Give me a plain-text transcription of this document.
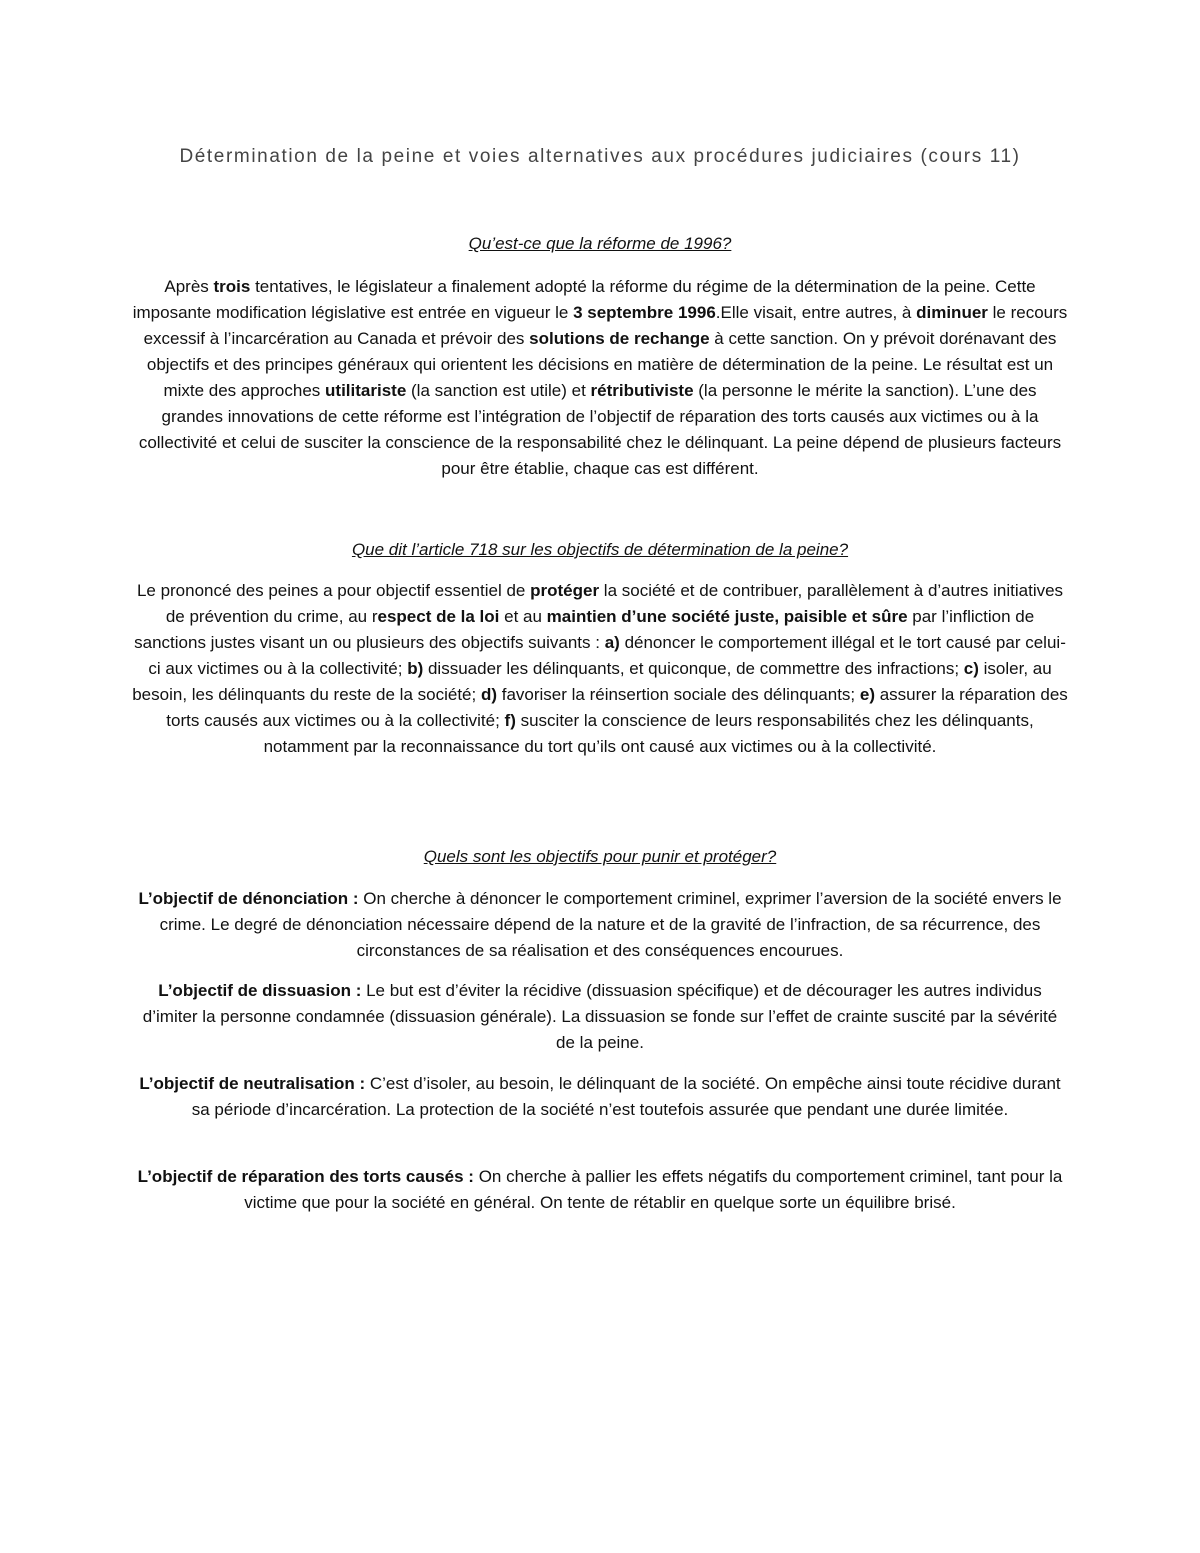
Détermination de la peine et voies alternatives aux procédures judiciaires (cours 11)
Qu’est-ce que la réforme de 1996?
Après trois tentatives, le législateur a finalement adopté la réforme du régime de la détermination de la peine. Cette imposante modification législative est entrée en vigueur le 3 septembre 1996.Elle visait, entre autres, à diminuer le recours excessif à l’incarcération au Canada et prévoir des solutions de rechange à cette sanction. On y prévoit dorénavant des objectifs et des principes généraux qui orientent les décisions en matière de détermination de la peine. Le résultat est un mixte des approches utilitariste (la sanction est utile) et rétributiviste (la personne le mérite la sanction). L’une des grandes innovations de cette réforme est l’intégration de l’objectif de réparation des torts causés aux victimes ou à la collectivité et celui de susciter la conscience de la responsabilité chez le délinquant. La peine dépend de plusieurs facteurs pour être établie, chaque cas est différent.
Que dit l’article 718 sur les objectifs de détermination de la peine?
Le prononcé des peines a pour objectif essentiel de protéger la société et de contribuer, parallèlement à d’autres initiatives de prévention du crime, au respect de la loi et au maintien d’une société juste, paisible et sûre par l’infliction de sanctions justes visant un ou plusieurs des objectifs suivants : a) dénoncer le comportement illégal et le tort causé par celui-ci aux victimes ou à la collectivité; b) dissuader les délinquants, et quiconque, de commettre des infractions; c) isoler, au besoin, les délinquants du reste de la société; d) favoriser la réinsertion sociale des délinquants; e) assurer la réparation des torts causés aux victimes ou à la collectivité; f) susciter la conscience de leurs responsabilités chez les délinquants, notamment par la reconnaissance du tort qu’ils ont causé aux victimes ou à la collectivité.
Quels sont les objectifs pour punir et protéger?
L’objectif de dénonciation : On cherche à dénoncer le comportement criminel, exprimer l’aversion de la société envers le crime. Le degré de dénonciation nécessaire dépend de la nature et de la gravité de l’infraction, de sa récurrence, des circonstances de sa réalisation et des conséquences encourues.
L’objectif de dissuasion : Le but est d’éviter la récidive (dissuasion spécifique) et de décourager les autres individus d’imiter la personne condamnée (dissuasion générale). La dissuasion se fonde sur l’effet de crainte suscité par la sévérité de la peine.
L’objectif de neutralisation : C’est d’isoler, au besoin, le délinquant de la société. On empêche ainsi toute récidive durant sa période d’incarcération. La protection de la société n’est toutefois assurée que pendant une durée limitée.
L’objectif de réparation des torts causés : On cherche à pallier les effets négatifs du comportement criminel, tant pour la victime que pour la société en général. On tente de rétablir en quelque sorte un équilibre brisé.
